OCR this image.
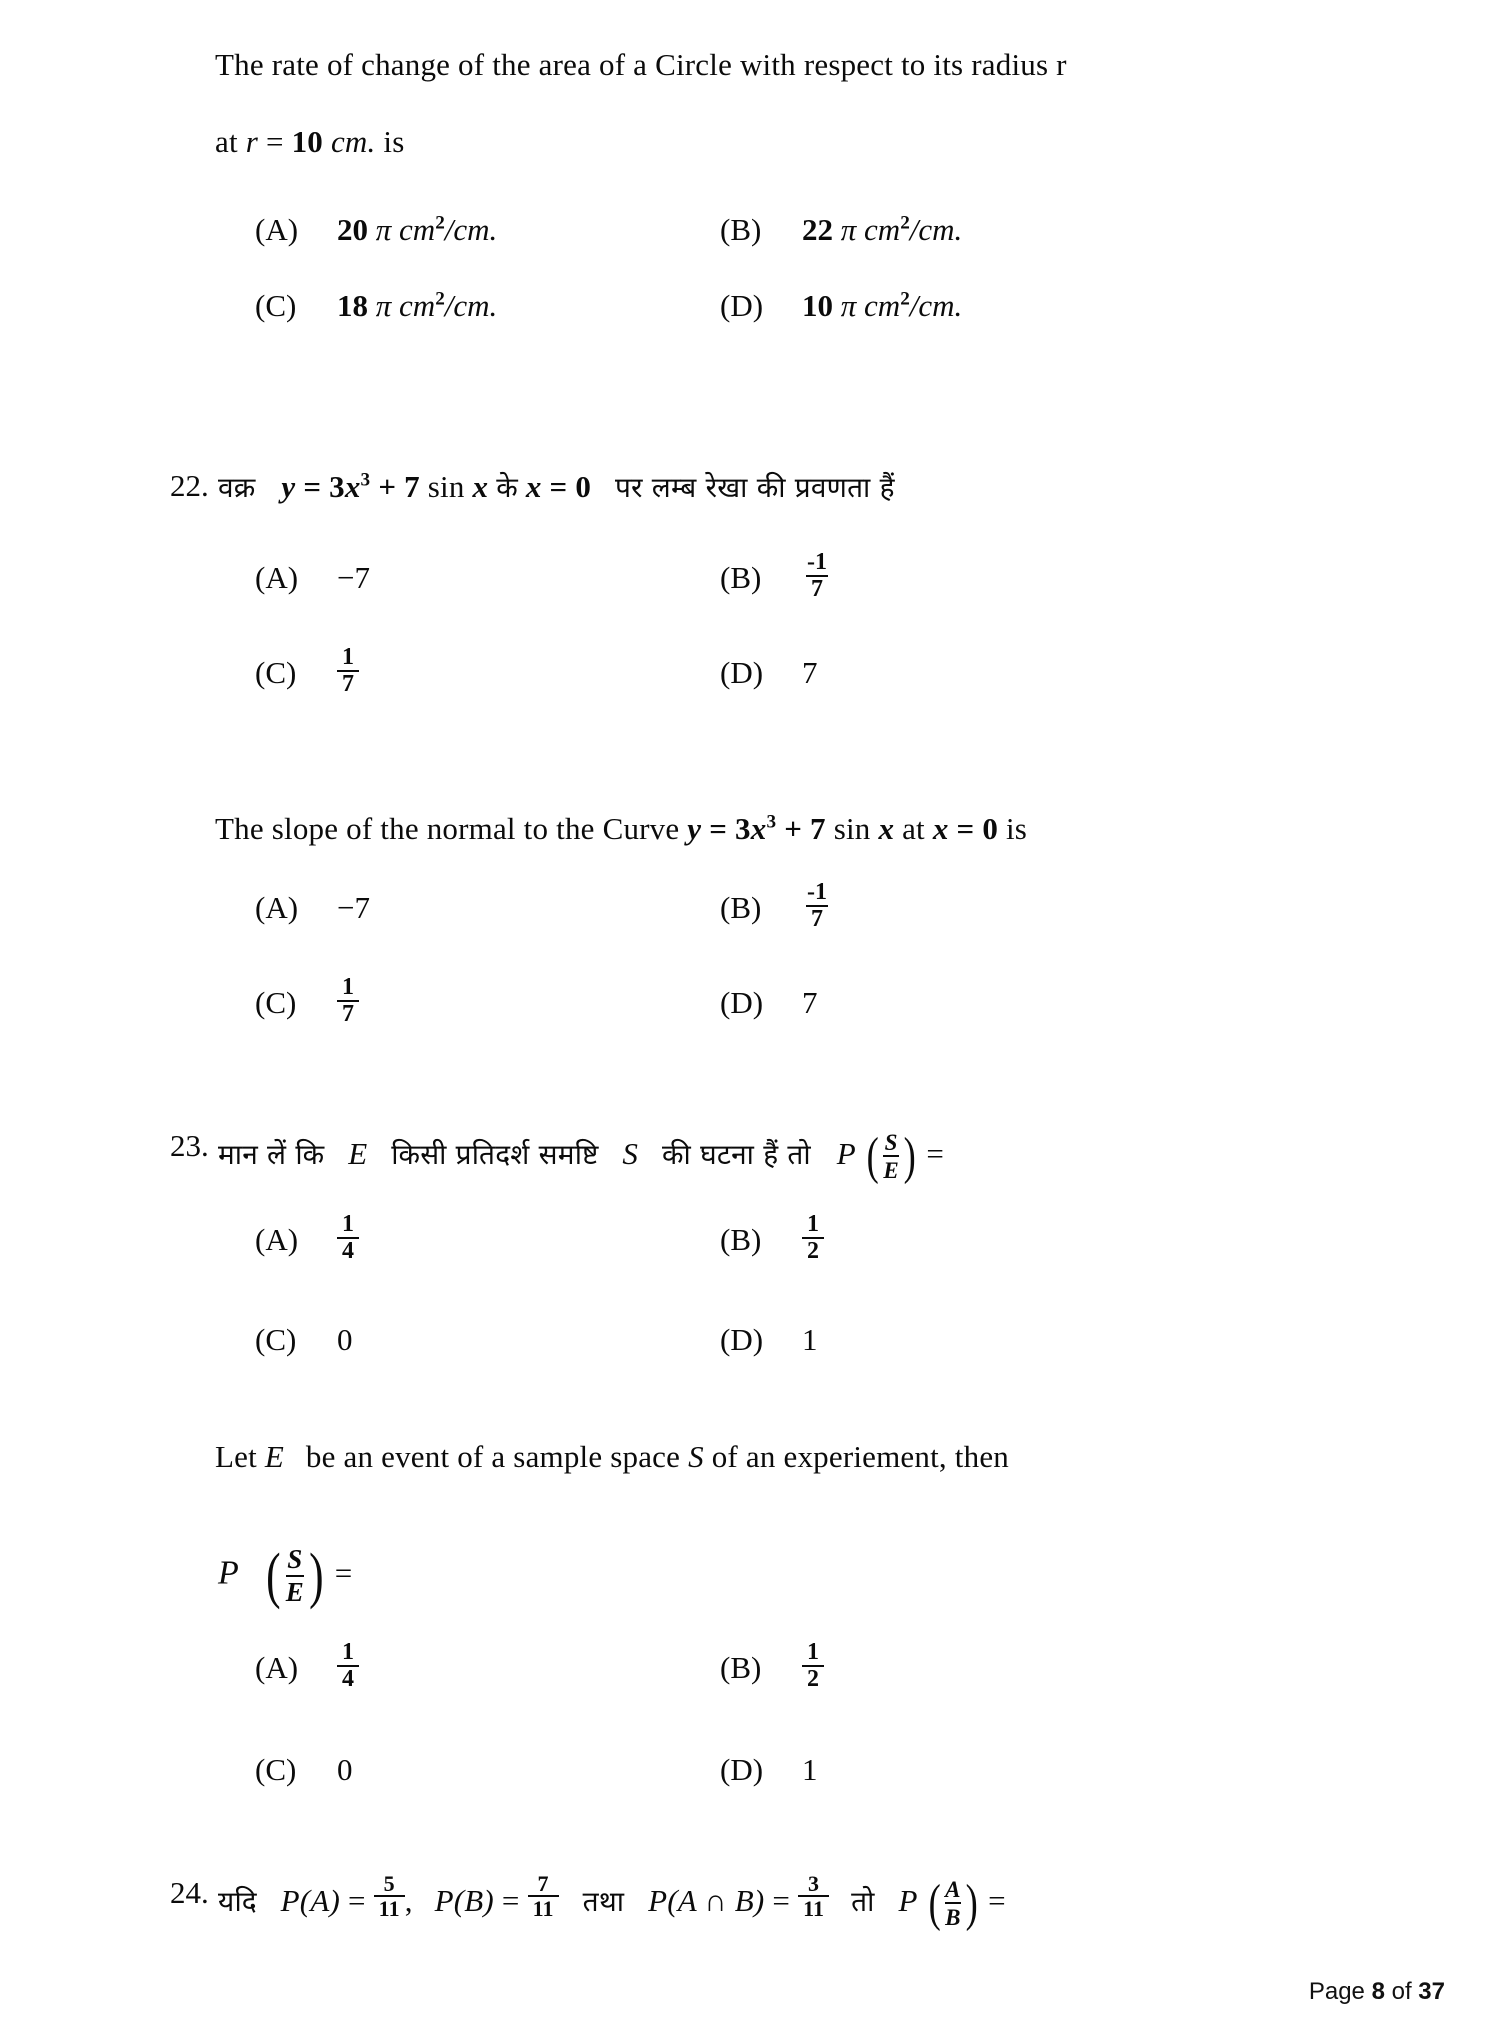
The rate of change of the area of a Circle with respect to its radius r
at r = 10 cm. is
(A)	20 π $cm^2/cm$.	(B)	22 π $cm^2/cm$.
(C)	18 π $cm^2/cm$.	(D)	10 π $cm^2/cm$.
22. वक्र $y = 3x^3 + 7$ sin x के x = 0 पर लम्ब रेखा की प्रवणता हैं
(A)	−7	(B)	$\frac{-1}{7}$
(C)	$\frac{1}{7}$	(D)	7
The slope of the normal to the Curve $y = 3x^3 + 7$ sin x at x = 0 is
(A)	−7	(B)	$\frac{-1}{7}$
(C)	$\frac{1}{7}$	(D)	7
23. मान लें कि E किसी प्रतिदर्श समष्टि S की घटना हैं तो P ( $\frac{S}{E}$ ) =
(A)	$\frac{1}{4}$	(B)	$\frac{1}{2}$
(C)	0	(D)	1
Let E be an event of a sample space S of an experiement, then
P ( $\frac{S}{E}$ ) =
(A)	$\frac{1}{4}$	(B)	$\frac{1}{2}$
(C)	0	(D)	1
24. यदि $P(A) = \frac{5}{11}$ , $P(B) = \frac{7}{11}$ तथा P(A ∩ $B) = \frac{3}{11}$ तो P ( $\frac{A}{B}$ ) =
Page 8 of 37
